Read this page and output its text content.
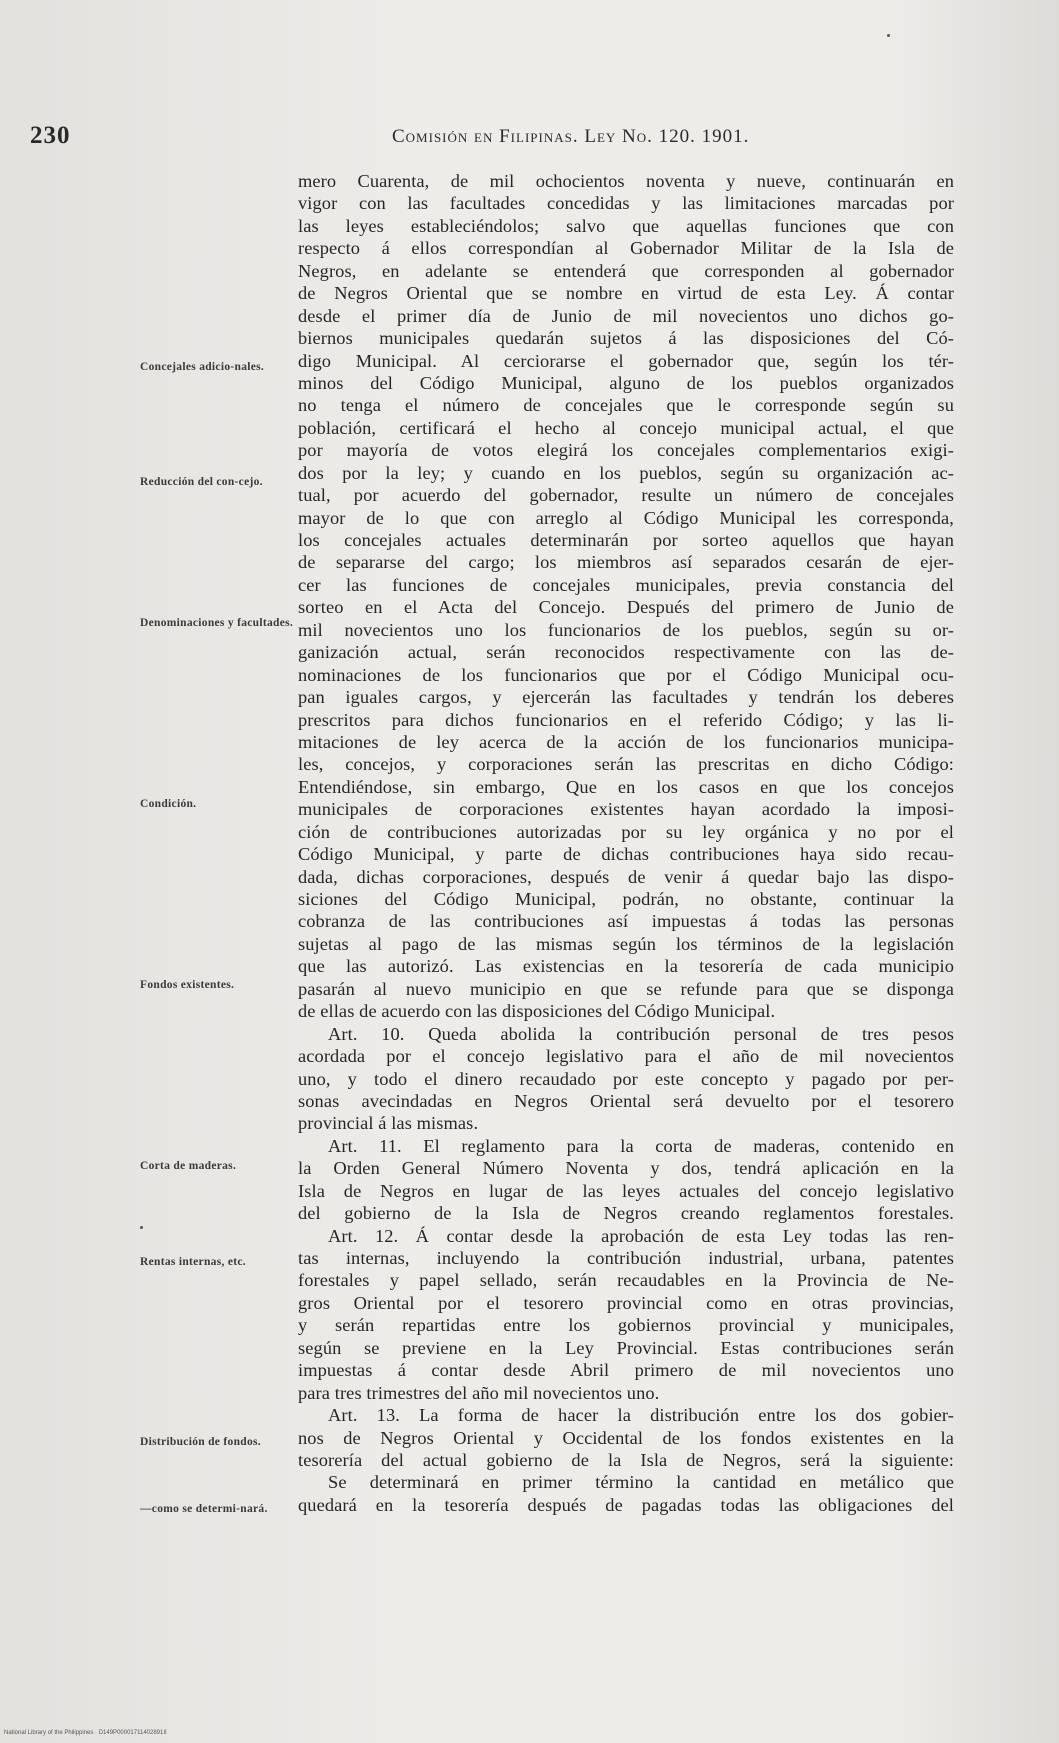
230	Comisión en Filipinas. Ley No. 120. 1901.
Concejales adicio-nales.
Reducción del con-cejo.
Denominaciones y facultades.
Condición.
Fondos existentes.
Corta de maderas.
Rentas internas, etc.
Distribución de fondos.
—como se determi-nará.
mero Cuarenta, de mil ochocientos noventa y nueve, continuarán en
vigor con las facultades concedidas y las limitaciones marcadas por
las leyes estableciéndolos; salvo que aquellas funciones que con
respecto á ellos correspondían al Gobernador Militar de la Isla de
Negros, en adelante se entenderá que corresponden al gobernador
de Negros Oriental que se nombre en virtud de esta Ley. Á contar
desde el primer día de Junio de mil novecientos uno dichos go-
biernos municipales quedarán sujetos á las disposiciones del Có-
digo Municipal. Al cerciorarse el gobernador que, según los tér-
minos del Código Municipal, alguno de los pueblos organizados
no tenga el número de concejales que le corresponde según su
población, certificará el hecho al concejo municipal actual, el que
por mayoría de votos elegirá los concejales complementarios exigi-
dos por la ley; y cuando en los pueblos, según su organización ac-
tual, por acuerdo del gobernador, resulte un número de concejales
mayor de lo que con arreglo al Código Municipal les corresponda,
los concejales actuales determinarán por sorteo aquellos que hayan
de separarse del cargo; los miembros así separados cesarán de ejer-
cer las funciones de concejales municipales, previa constancia del
sorteo en el Acta del Concejo. Después del primero de Junio de
mil novecientos uno los funcionarios de los pueblos, según su or-
ganización actual, serán reconocidos respectivamente con las de-
nominaciones de los funcionarios que por el Código Municipal ocu-
pan iguales cargos, y ejercerán las facultades y tendrán los deberes
prescritos para dichos funcionarios en el referido Código; y las li-
mitaciones de ley acerca de la acción de los funcionarios municipa-
les, concejos, y corporaciones serán las prescritas en dicho Código:
Entendiéndose, sin embargo, Que en los casos en que los concejos
municipales de corporaciones existentes hayan acordado la imposi-
ción de contribuciones autorizadas por su ley orgánica y no por el
Código Municipal, y parte de dichas contribuciones haya sido recau-
dada, dichas corporaciones, después de venir á quedar bajo las dispo-
siciones del Código Municipal, podrán, no obstante, continuar la
cobranza de las contribuciones así impuestas á todas las personas
sujetas al pago de las mismas según los términos de la legislación
que las autorizó. Las existencias en la tesorería de cada municipio
pasarán al nuevo municipio en que se refunde para que se disponga
de ellas de acuerdo con las disposiciones del Código Municipal.
Art. 10. Queda abolida la contribución personal de tres pesos
acordada por el concejo legislativo para el año de mil novecientos
uno, y todo el dinero recaudado por este concepto y pagado por per-
sonas avecindadas en Negros Oriental será devuelto por el tesorero
provincial á las mismas.
Art. 11. El reglamento para la corta de maderas, contenido en
la Orden General Número Noventa y dos, tendrá aplicación en la
Isla de Negros en lugar de las leyes actuales del concejo legislativo
del gobierno de la Isla de Negros creando reglamentos forestales.
Art. 12. Á contar desde la aprobación de esta Ley todas las ren-
tas internas, incluyendo la contribución industrial, urbana, patentes
forestales y papel sellado, serán recaudables en la Provincia de Ne-
gros Oriental por el tesorero provincial como en otras provincias,
y serán repartidas entre los gobiernos provincial y municipales,
según se previene en la Ley Provincial. Estas contribuciones serán
impuestas á contar desde Abril primero de mil novecientos uno
para tres trimestres del año mil novecientos uno.
Art. 13. La forma de hacer la distribución entre los dos gobier-
nos de Negros Oriental y Occidental de los fondos existentes en la
tesorería del actual gobierno de la Isla de Negros, será la siguiente:
Se determinará en primer término la cantidad en metálico que
quedará en la tesorería después de pagadas todas las obligaciones del
National Library of the Philippines · D149P00001711402891II
